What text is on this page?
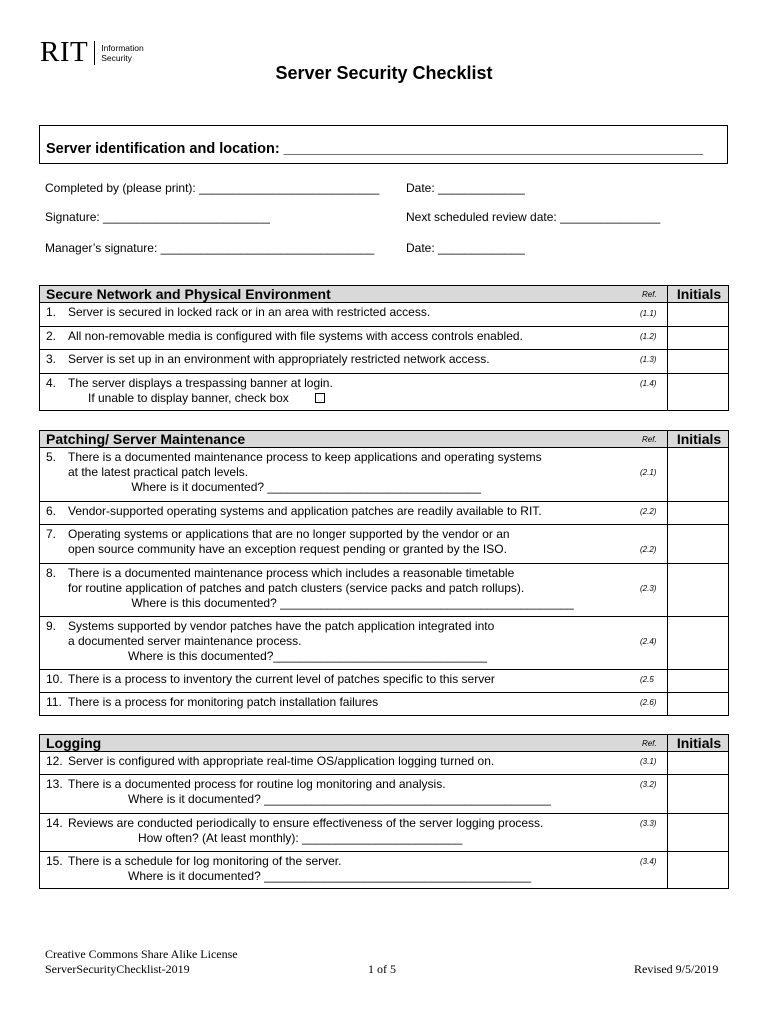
RIT Information
Security
Server Security Checklist
Server identification and location: ____________________________________________________
Completed by (please print): ___________________________ Date: _____________
Signature: _________________________	Next scheduled review date: _______________
Manager’s signature: ________________________________	Date: _____________
Secure Network and Physical Environment	Ref.	Initials
1. Server is secured in locked rack or in an area with restricted access.	(1.1)
2. All non-removable media is configured with file systems with access controls enabled.	(1.2)
3. Server is set up in an environment with appropriately restricted network access.	(1.3)
4. The server displays a trespassing banner at login.
If unable to display banner, check box
(1.4)
Patching/ Server Maintenance	Ref.	Initials
5. There is a documented maintenance process to keep applications and operating systems
at the latest practical patch levels.
Where is it documented? ________________________________
(2.1)
6. Vendor-supported operating systems and application patches are readily available to RIT.	(2.2)
7. Operating systems or applications that are no longer supported by the vendor or an
open source community have an exception request pending or granted by the ISO.	(2.2)
8. There is a documented maintenance process which includes a reasonable timetable
for routine application of patches and patch clusters (service packs and patch rollups).
Where is this documented? ____________________________________________
(2.3)
9. Systems supported by vendor patches have the patch application integrated into
a documented server maintenance process.
Where is this documented?________________________________
(2.4)
10. There is a process to inventory the current level of patches specific to this server	(2.5
11. There is a process for monitoring patch installation failures	(2.6)
Logging	Ref.	Initials
12. Server is configured with appropriate real-time OS/application logging turned on.	(3.1)
13. There is a documented process for routine log monitoring and analysis.
Where is it documented? ___________________________________________
(3.2)
14. Reviews are conducted periodically to ensure effectiveness of the server logging process.
How often? (At least monthly): ________________________
(3.3)
15. There is a schedule for log monitoring of the server.
Where is it documented? ________________________________________
(3.4)
Creative Commons Share Alike License
ServerSecurityChecklist-2019	1 of 5	Revised 9/5/2019
